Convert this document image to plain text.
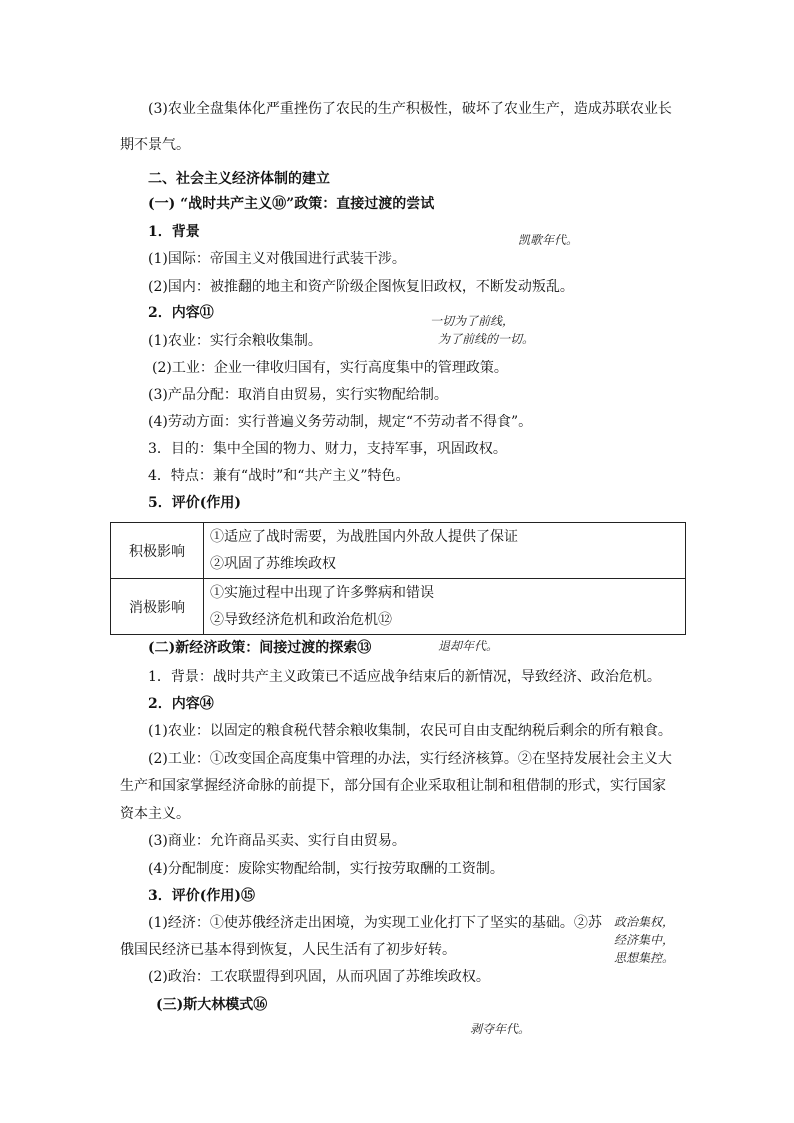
(3)农业全盘集体化严重挫伤了农民的生产积极性，破坏了农业生产，造成苏联农业长
期不景气。
二、社会主义经济体制的建立
(一) “战时共产主义⑩”政策：直接过渡的尝试
1．背景	凯歌年代。
(1)国际：帝国主义对俄国进行武装干涉。
(2)国内：被推翻的地主和资产阶级企图恢复旧政权，不断发动叛乱。
2．内容⑪	一切为了前线，
(1)农业：实行余粮收集制。	为了前线的一切。
(2)工业：企业一律收归国有，实行高度集中的管理政策。
(3)产品分配：取消自由贸易，实行实物配给制。
(4)劳动方面：实行普遍义务劳动制，规定“不劳动者不得食”。
3．目的：集中全国的物力、财力，支持军事，巩固政权。
4．特点：兼有“战时”和“共产主义”特色。
5．评价(作用)
积极影响	①适应了战时需要，为战胜国内外敌人提供了保证
②巩固了苏维埃政权

消极影响	①实施过程中出现了许多弊病和错误
②导致经济危机和政治危机⑫
(二)新经济政策：间接过渡的探索⑬	退却年代。
1．背景：战时共产主义政策已不适应战争结束后的新情况，导致经济、政治危机。
2．内容⑭
(1)农业：以固定的粮食税代替余粮收集制，农民可自由支配纳税后剩余的所有粮食。
(2)工业：①改变国企高度集中管理的办法，实行经济核算。②在坚持发展社会主义大
生产和国家掌握经济命脉的前提下，部分国有企业采取租让制和租借制的形式，实行国家
资本主义。
(3)商业：允许商品买卖、实行自由贸易。
(4)分配制度：废除实物配给制，实行按劳取酬的工资制。
3．评价(作用)⑮
(1)经济：①使苏俄经济走出困境，为实现工业化打下了坚实的基础。②苏 政治集权，
经济集中，
俄国民经济已基本得到恢复，人民生活有了初步好转。	思想集控。
(2)政治：工农联盟得到巩固，从而巩固了苏维埃政权。
(三)斯大林模式⑯
剥夺年代。
